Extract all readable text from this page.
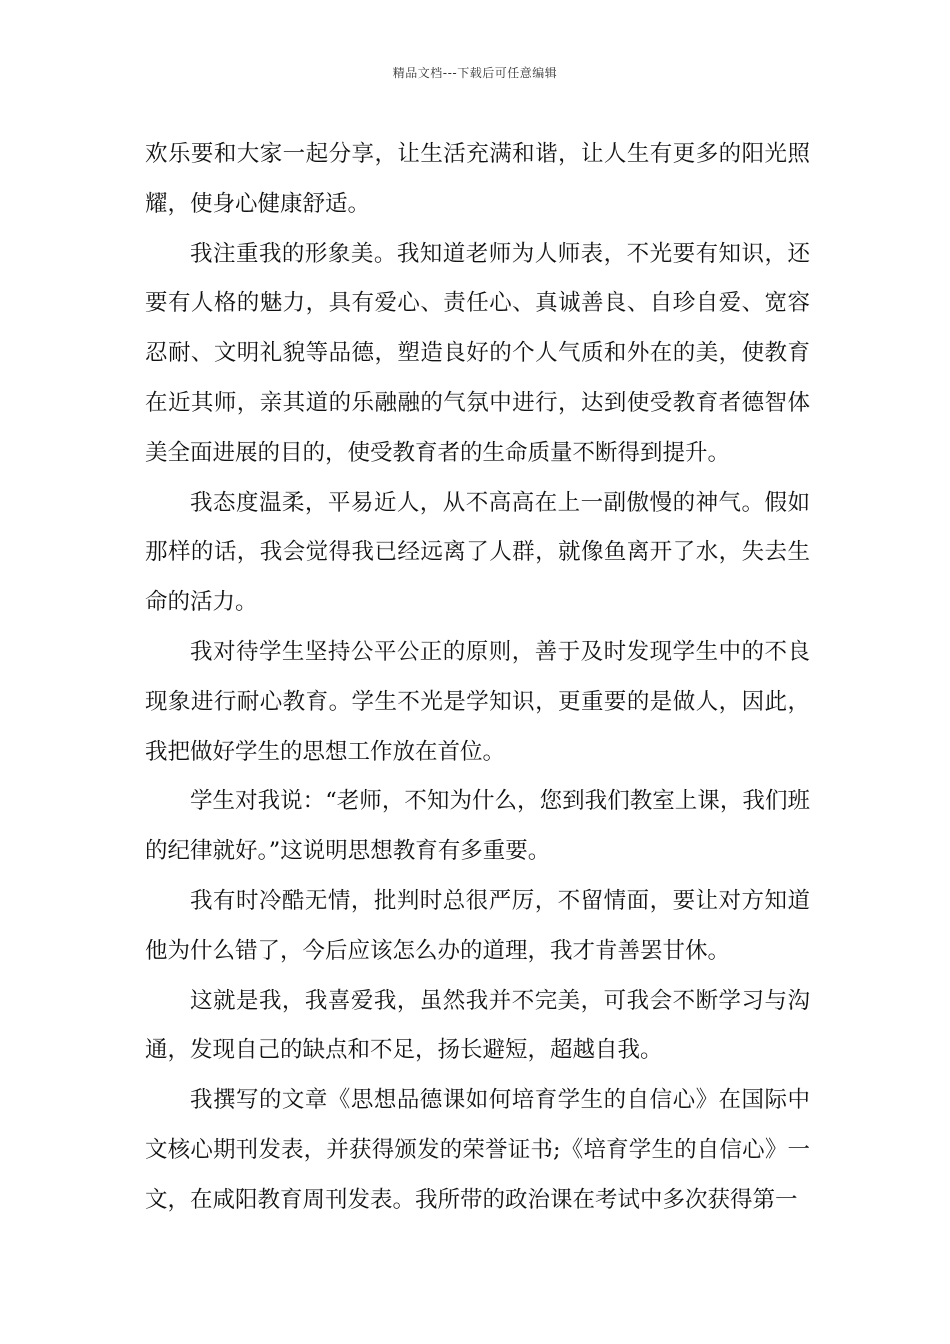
精品文档---下载后可任意编辑

欢乐要和大家一起分享，让生活充满和谐，让人生有更多的阳光照耀，使身心健康舒适。

我注重我的形象美。我知道老师为人师表，不光要有知识，还要有人格的魅力，具有爱心、责任心、真诚善良、自珍自爱、宽容忍耐、文明礼貌等品德，塑造良好的个人气质和外在的美，使教育在近其师，亲其道的乐融融的气氛中进行，达到使受教育者德智体美全面进展的目的，使受教育者的生命质量不断得到提升。

我态度温柔，平易近人，从不高高在上一副傲慢的神气。假如那样的话，我会觉得我已经远离了人群，就像鱼离开了水，失去生命的活力。

我对待学生坚持公平公正的原则，善于及时发现学生中的不良现象进行耐心教育。学生不光是学知识，更重要的是做人，因此，我把做好学生的思想工作放在首位。

学生对我说：“老师，不知为什么，您到我们教室上课，我们班的纪律就好。”这说明思想教育有多重要。

我有时冷酷无情，批判时总很严厉，不留情面，要让对方知道他为什么错了，今后应该怎么办的道理，我才肯善罢甘休。

这就是我，我喜爱我，虽然我并不完美，可我会不断学习与沟通，发现自己的缺点和不足，扬长避短，超越自我。

我撰写的文章《思想品德课如何培育学生的自信心》在国际中文核心期刊发表，并获得颁发的荣誉证书;《培育学生的自信心》一文，在咸阳教育周刊发表。我所带的政治课在考试中多次获得第一
